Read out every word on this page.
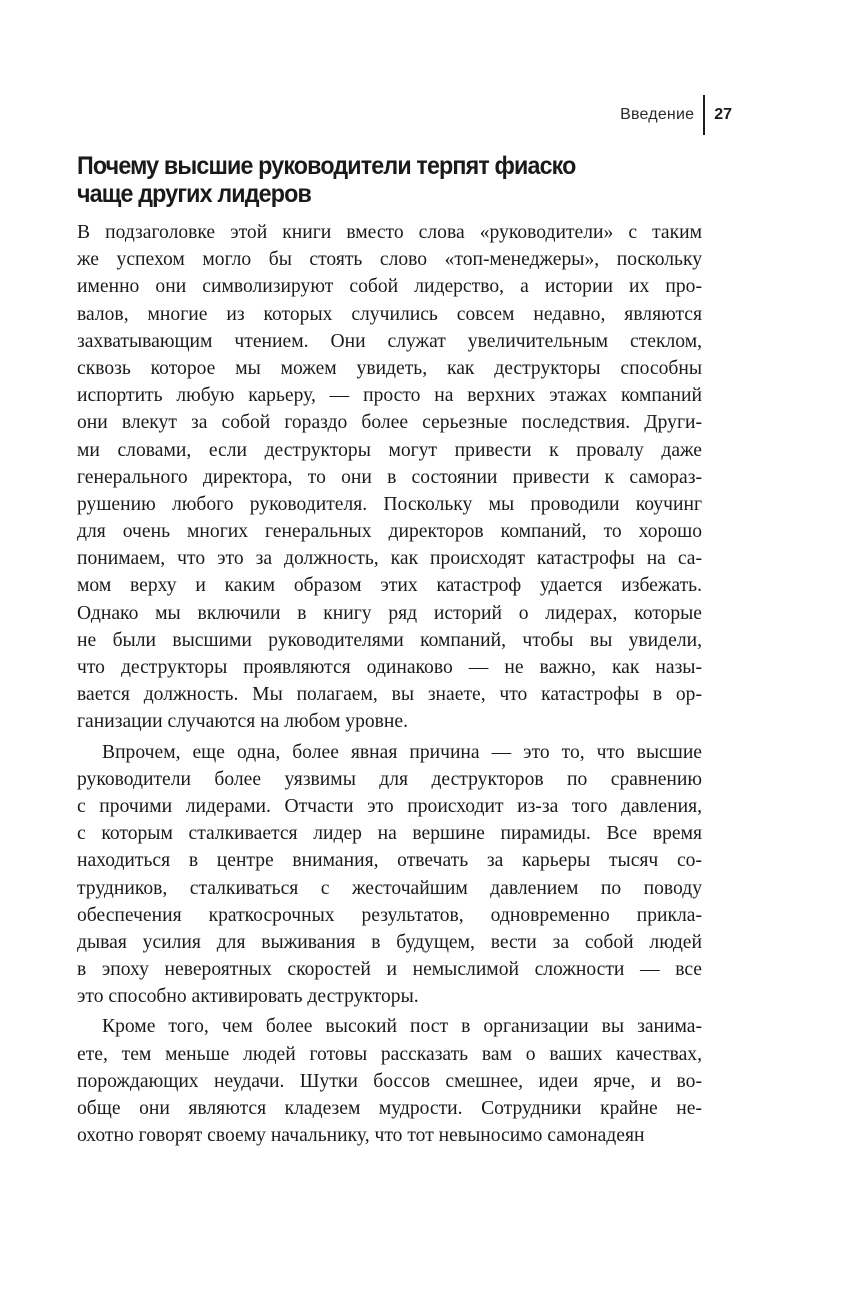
Введение	27
Почему высшие руководители терпят фиаско
чаще других лидеров
В подзаголовке этой книги вместо слова «руководители» с таким
же успехом могло бы стоять слово «топ-менеджеры», поскольку
именно они символизируют собой лидерство, а истории их про-
валов, многие из которых случились совсем недавно, являются
захватывающим чтением. Они служат увеличительным стеклом,
сквозь которое мы можем увидеть, как деструкторы способны
испортить любую карьеру, — просто на верхних этажах компаний
они влекут за собой гораздо более серьезные последствия. Други-
ми словами, если деструкторы могут привести к провалу даже
генерального директора, то они в состоянии привести к самораз-
рушению любого руководителя. Поскольку мы проводили коучинг
для очень многих генеральных директоров компаний, то хорошо
понимаем, что это за должность, как происходят катастрофы на са-
мом верху и каким образом этих катастроф удается избежать.
Однако мы включили в книгу ряд историй о лидерах, которые
не были высшими руководителями компаний, чтобы вы увидели,
что деструкторы проявляются одинаково — не важно, как назы-
вается должность. Мы полагаем, вы знаете, что катастрофы в ор-
ганизации случаются на любом уровне.
Впрочем, еще одна, более явная причина — это то, что высшие
руководители более уязвимы для деструкторов по сравнению
с прочими лидерами. Отчасти это происходит из-за того давления,
с которым сталкивается лидер на вершине пирамиды. Все время
находиться в центре внимания, отвечать за карьеры тысяч со-
трудников, сталкиваться с жесточайшим давлением по поводу
обеспечения краткосрочных результатов, одновременно прикла-
дывая усилия для выживания в будущем, вести за собой людей
в эпоху невероятных скоростей и немыслимой сложности — все
это способно активировать деструкторы.
Кроме того, чем более высокий пост в организации вы занима-
ете, тем меньше людей готовы рассказать вам о ваших качествах,
порождающих неудачи. Шутки боссов смешнее, идеи ярче, и во-
обще они являются кладезем мудрости. Сотрудники крайне не-
охотно говорят своему начальнику, что тот невыносимо самонадеян
